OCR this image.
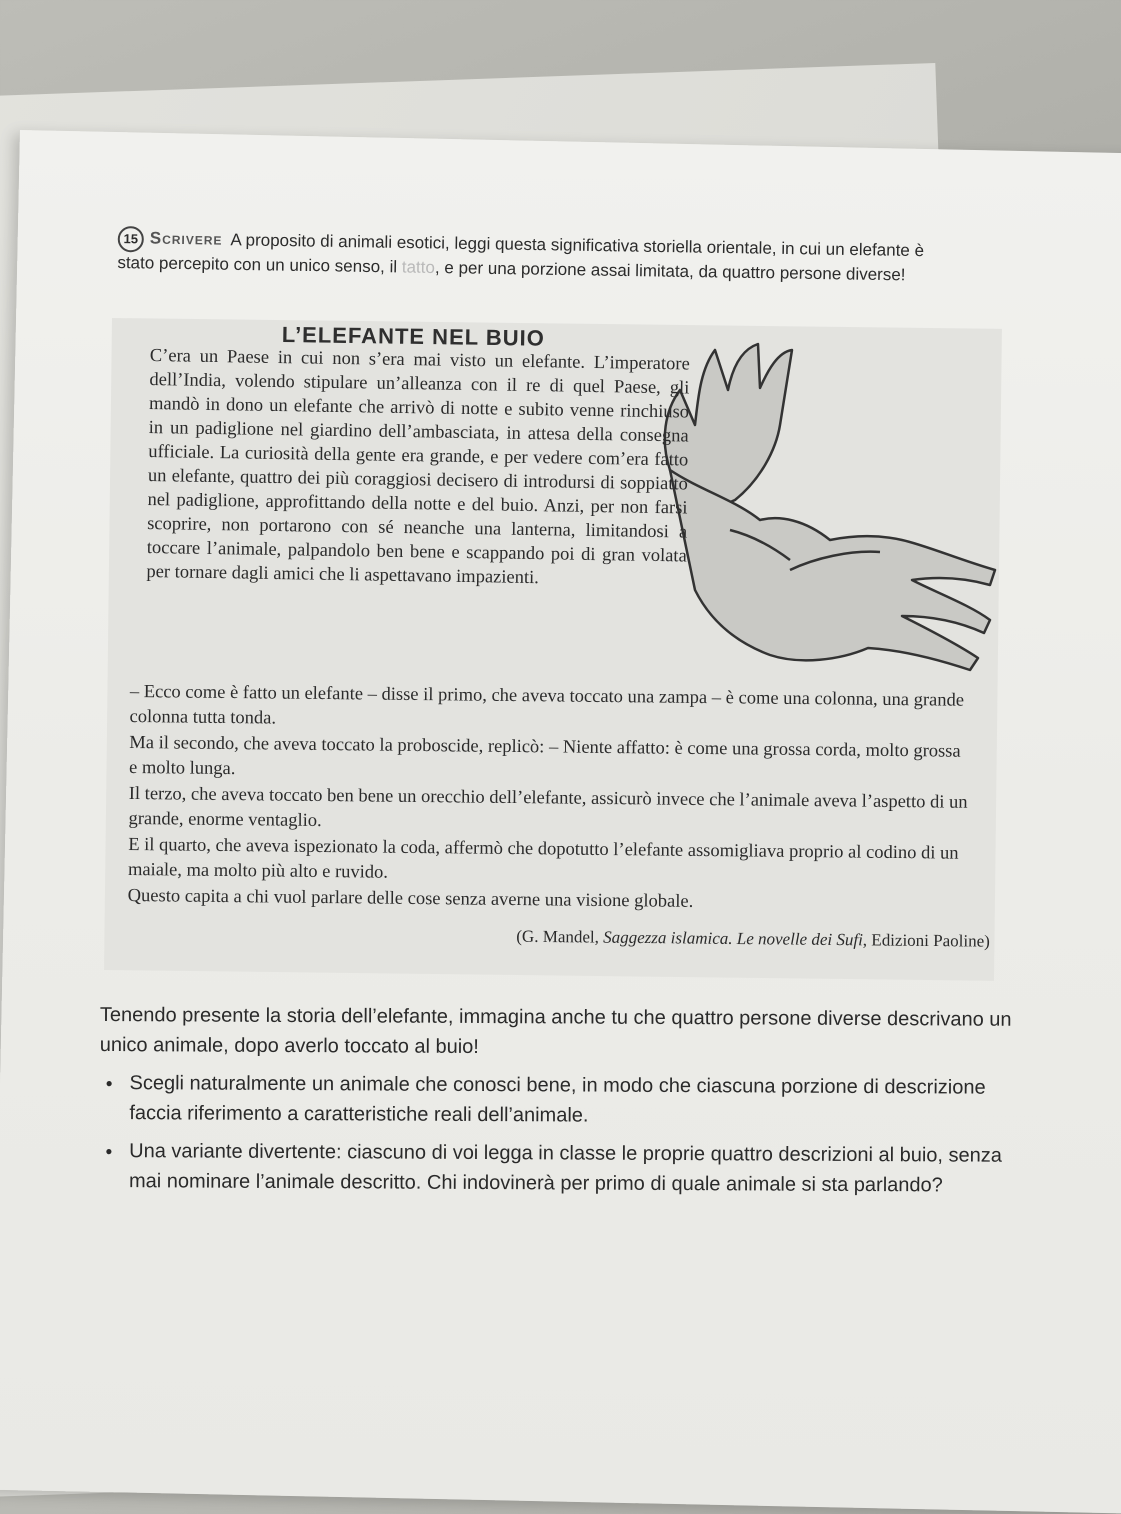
15 Scrivere A proposito di animali esotici, leggi questa significativa storiella orientale, in cui un elefante è stato percepito con un unico senso, il tatto, e per una porzione assai limitata, da quattro persone diverse!
L’ELEFANTE NEL BUIO

C’era un Paese in cui non s’era mai visto un elefante. L’imperatore dell’India, volendo stipulare un’alleanza con il re di quel Paese, gli mandò in dono un elefante che arrivò di notte e subito venne rinchiuso in un padiglione nel giardino dell’ambasciata, in attesa della consegna ufficiale. La curiosità della gente era grande, e per vedere com’era fatto un elefante, quattro dei più coraggiosi decisero di introdursi di soppiatto nel padiglione, approfittando della notte e del buio. Anzi, per non farsi scoprire, non portarono con sé neanche una lanterna, limitandosi a toccare l’animale, palpandolo ben bene e scappando poi di gran volata per tornare dagli amici che li aspettavano impazienti.

– Ecco come è fatto un elefante – disse il primo, che aveva toccato una zampa – è come una colonna, una grande colonna tutta tonda.

Ma il secondo, che aveva toccato la proboscide, replicò: – Niente affatto: è come una grossa corda, molto grossa e molto lunga.

Il terzo, che aveva toccato ben bene un orecchio dell’elefante, assicurò invece che l’animale aveva l’aspetto di un grande, enorme ventaglio.

E il quarto, che aveva ispezionato la coda, affermò che dopotutto l’elefante assomigliava proprio al codino di un maiale, ma molto più alto e ruvido.

Questo capita a chi vuol parlare delle cose senza averne una visione globale.

(G. Mandel, Saggezza islamica. Le novelle dei Sufi, Edizioni Paoline)

Tenendo presente la storia dell’elefante, immagina anche tu che quattro persone diverse descrivano un unico animale, dopo averlo toccato al buio!

● Scegli naturalmente un animale che conosci bene, in modo che ciascuna porzione di descrizione faccia riferimento a caratteristiche reali dell’animale.

● Una variante divertente: ciascuno di voi legga in classe le proprie quattro descrizioni al buio, senza mai nominare l’animale descritto. Chi indovinerà per primo di quale animale si sta parlando?
